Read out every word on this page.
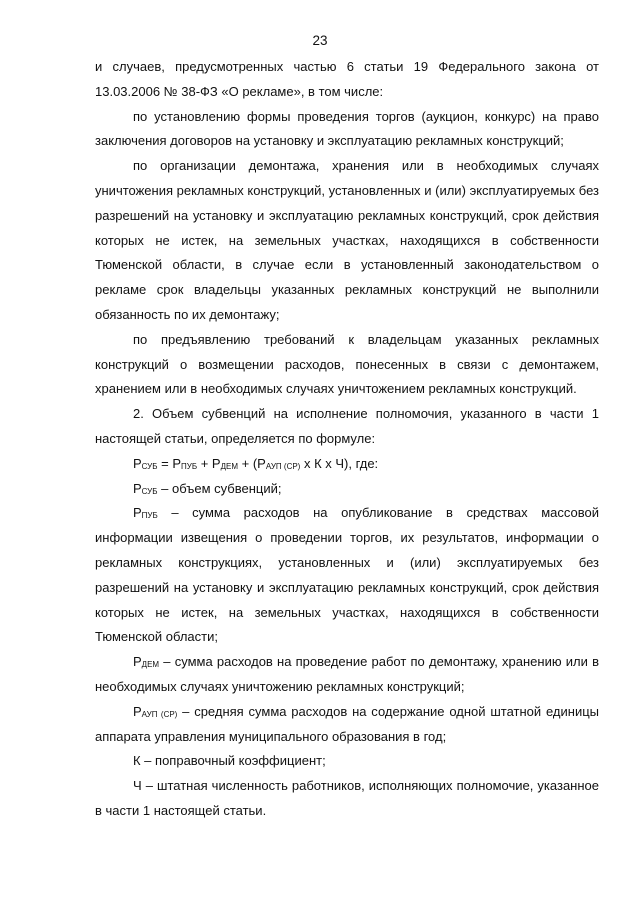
23

и случаев, предусмотренных частью 6 статьи 19 Федерального закона от 13.03.2006 № 38-ФЗ «О рекламе», в том числе:

по установлению формы проведения торгов (аукцион, конкурс) на право заключения договоров на установку и эксплуатацию рекламных конструкций;

по организации демонтажа, хранения или в необходимых случаях уничтожения рекламных конструкций, установленных и (или) эксплуатируемых без разрешений на установку и эксплуатацию рекламных конструкций, срок действия которых не истек, на земельных участках, находящихся в собственности Тюменской области, в случае если в установленный законодательством о рекламе срок владельцы указанных рекламных конструкций не выполнили обязанность по их демонтажу;

по предъявлению требований к владельцам указанных рекламных конструкций о возмещении расходов, понесенных в связи с демонтажем, хранением или в необходимых случаях уничтожением рекламных конструкций.

2. Объем субвенций на исполнение полномочия, указанного в части 1 настоящей статьи, определяется по формуле:

$Р_{СУБ} = Р_{ПУБ} + Р_{ДЕМ} + (Р_{АУП (СР)}$ х К х Ч), где:

$Р_{СУБ}$ – объем субвенций;

$Р_{ПУБ}$ – сумма расходов на опубликование в средствах массовой информации извещения о проведении торгов, их результатов, информации о рекламных конструкциях, установленных и (или) эксплуатируемых без разрешений на установку и эксплуатацию рекламных конструкций, срок действия которых не истек, на земельных участках, находящихся в собственности Тюменской области;

$Р_{ДЕМ}$ – сумма расходов на проведение работ по демонтажу, хранению или в необходимых случаях уничтожению рекламных конструкций;

$Р_{АУП (СР)}$ – средняя сумма расходов на содержание одной штатной единицы аппарата управления муниципального образования в год;

К – поправочный коэффициент;

Ч – штатная численность работников, исполняющих полномочие, указанное в части 1 настоящей статьи.
